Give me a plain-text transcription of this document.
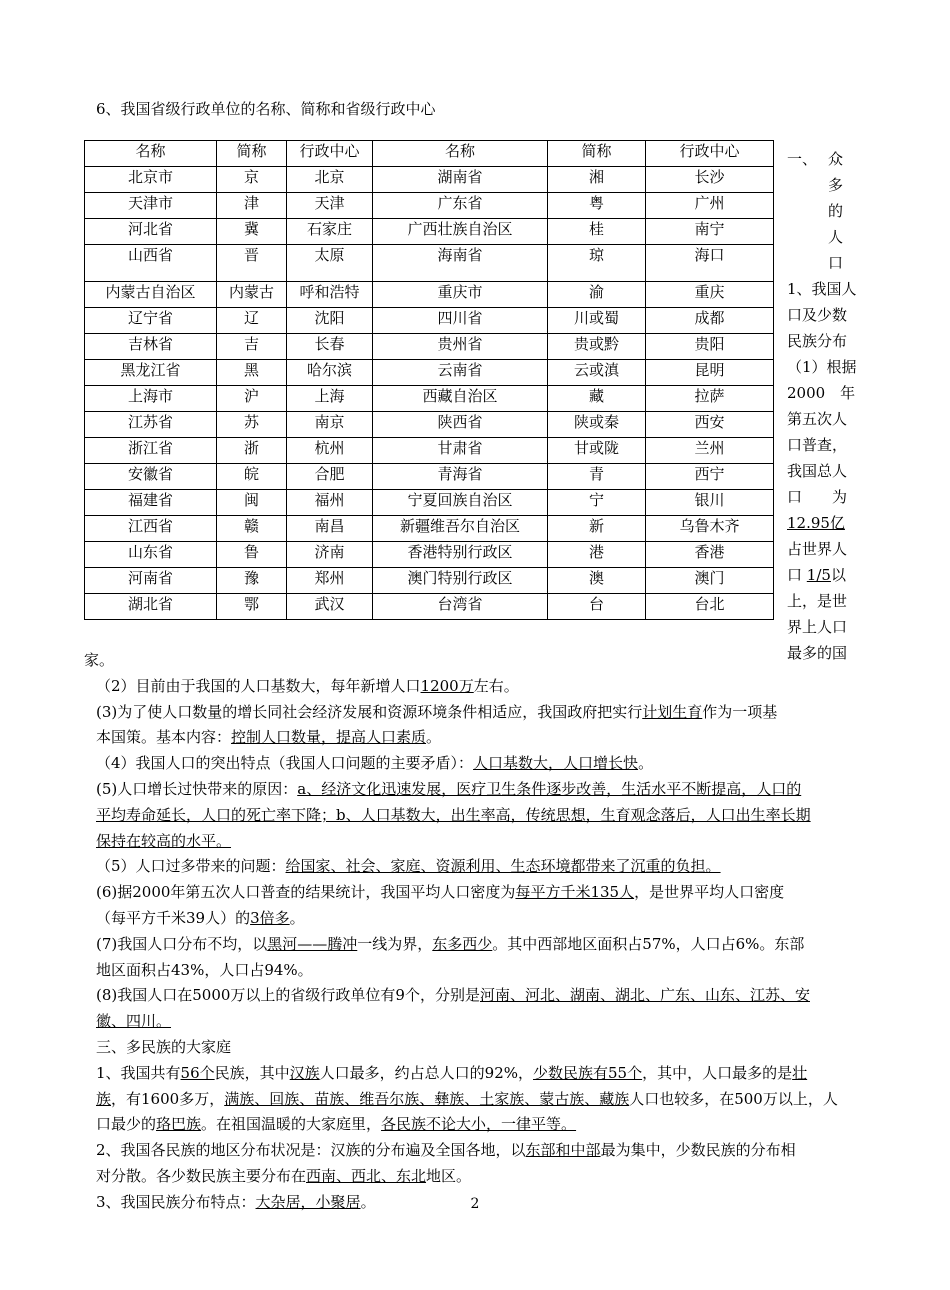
6、我国省级行政单位的名称、简称和省级行政中心
名称	简称	行政中心	名称	简称	行政中心
北京市	京	北京	湖南省	湘	长沙
天津市	津	天津	广东省	粤	广州
河北省	冀	石家庄	广西壮族自治区	桂	南宁
山西省	晋	太原	海南省	琼	海口
内蒙古自治区	内蒙古	呼和浩特	重庆市	渝	重庆
辽宁省	辽	沈阳	四川省	川或蜀	成都
吉林省	吉	长春	贵州省	贵或黔	贵阳
黑龙江省	黑	哈尔滨	云南省	云或滇	昆明
上海市	沪	上海	西藏自治区	藏	拉萨
江苏省	苏	南京	陕西省	陕或秦	西安
浙江省	浙	杭州	甘肃省	甘或陇	兰州
安徽省	皖	合肥	青海省	青	西宁
福建省	闽	福州	宁夏回族自治区	宁	银川
江西省	赣	南昌	新疆维吾尔自治区	新	乌鲁木齐
山东省	鲁	济南	香港特别行政区	港	香港
河南省	豫	郑州	澳门特别行政区	澳	澳门
湖北省	鄂	武汉	台湾省	台	台北
一、 众
多
的
人
口
1、我国人
口及少数
民族分布
（1）根据
2000　年
第五次人
口普查，
我国总人
口　　为
12.95亿
占世界人
口 1/5以
上，是世
界上人口
最多的国

家。

（2）目前由于我国的人口基数大，每年新增人口1200万左右。

(3)为了使人口数量的增长同社会经济发展和资源环境条件相适应，我国政府把实行计划生育作为一项基

本国策。基本内容：控制人口数量，提高人口素质。

（4）我国人口的突出特点（我国人口问题的主要矛盾）：人口基数大，人口增长快。

(5)人口增长过快带来的原因：a、经济文化迅速发展，医疗卫生条件逐步改善，生活水平不断提高，人口的

平均寿命延长，人口的死亡率下降；b、人口基数大，出生率高，传统思想，生育观念落后，人口出生率长期

保持在较高的水平。

（5）人口过多带来的问题：给国家、社会、家庭、资源利用、生态环境都带来了沉重的负担。

(6)据2000年第五次人口普查的结果统计，我国平均人口密度为每平方千米135人，是世界平均人口密度

（每平方千米39人）的3倍多。

(7)我国人口分布不均，以黑河——腾冲一线为界，东多西少。其中西部地区面积占57%，人口占6%。东部

地区面积占43%，人口占94%。

(8)我国人口在5000万以上的省级行政单位有9个，分别是河南、河北、湖南、湖北、广东、山东、江苏、安

徽、四川。

三、多民族的大家庭

1、我国共有56个民族，其中汉族人口最多，约占总人口的92%，少数民族有55个，其中，人口最多的是壮

族，有1600多万，满族、回族、苗族、维吾尔族、彝族、土家族、蒙古族、藏族人口也较多，在500万以上，人

口最少的珞巴族。在祖国温暖的大家庭里，各民族不论大小，一律平等。

2、我国各民族的地区分布状况是：汉族的分布遍及全国各地，以东部和中部最为集中，少数民族的分布相

对分散。各少数民族主要分布在西南、西北、东北地区。

3、我国民族分布特点：大杂居，小聚居。	2
